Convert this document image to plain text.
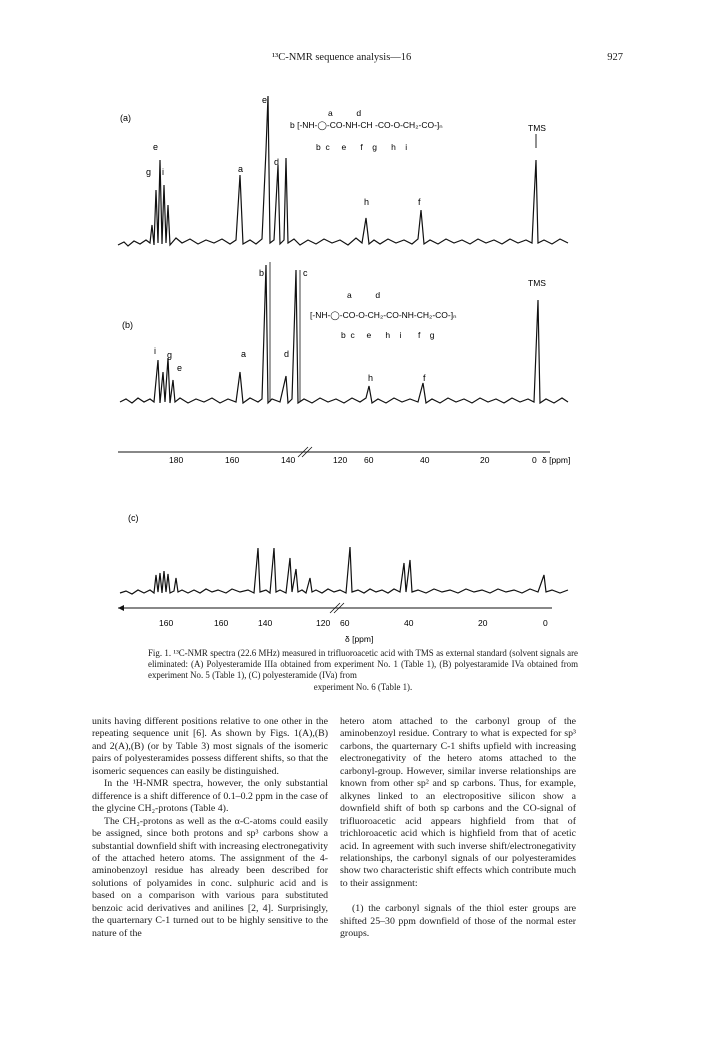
¹³C-NMR sequence analysis—16	927
(a)	a          d
b [-NH-◯-CO-NH-CH -CO-O-CH₂-CO-]ₙ
b  c     e      f    g      h    i
TMS
e
e
g i	a
d
h	f
(b)
a          d
[-NH-◯-CO-O-CH₂-CO-NH-CH₂-CO-]ₙ
b  c     e      h    i       f    g
TMS
b	c
i g
e
a	d
h	f
180	160	140	120 60	40	20	0 δ [ppm]
(c)
160	160	140	120 60	40	20	0
δ [ppm]
Fig. 1. ¹³C-NMR spectra (22.6 MHz) measured in trifluoroacetic acid with TMS as external standard (solvent signals are eliminated: (A) Polyesteramide IIIa obtained from experiment No. 1 (Table 1), (B) polyestaramide IVa obtained from experiment No. 5 (Table 1), (C) polyesteramide (IVa) from
experiment No. 6 (Table 1).

units having different positions relative to one other in the repeating sequence unit [6]. As shown by Figs. 1(A),(B) and 2(A),(B) (or by Table 3) most signals of the isomeric pairs of polyesteramides possess different shifts, so that the isomeric sequences can easily be distinguished.

In the ¹H-NMR spectra, however, the only substantial difference is a shift difference of 0.1–0.2 ppm in the case of the glycine CH₂-protons (Table 4).

The CH₂-protons as well as the α-C-atoms could easily be assigned, since both protons and sp³ carbons show a substantial downfield shift with increasing electronegativity of the attached hetero atoms. The assignment of the 4-aminobenzoyl residue has already been described for solutions of polyamides in conc. sulphuric acid and is based on a comparison with various para substituted benzoic acid derivatives and anilines [2, 4]. Surprisingly, the quarternary C-1 turned out to be highly sensitive to the nature of the

hetero atom attached to the carbonyl group of the aminobenzoyl residue. Contrary to what is expected for sp³ carbons, the quarternary C-1 shifts upfield with increasing electronegativity of the hetero atoms attached to the carbonyl-group. However, similar inverse relationships are known from other sp² and sp carbons. Thus, for example, alkynes linked to an electropositive silicon show a downfield shift of both sp carbons and the CO-signal of trifluoroacetic acid appears highfield from that of trichloroacetic acid which is highfield from that of acetic acid. In agreement with such inverse shift/electronegativity relationships, the carbonyl signals of our polyesteramides show two characteristic shift effects which contribute much to their assignment:

(1) the carbonyl signals of the thiol ester groups are shifted 25–30 ppm downfield of those of the normal ester groups.
